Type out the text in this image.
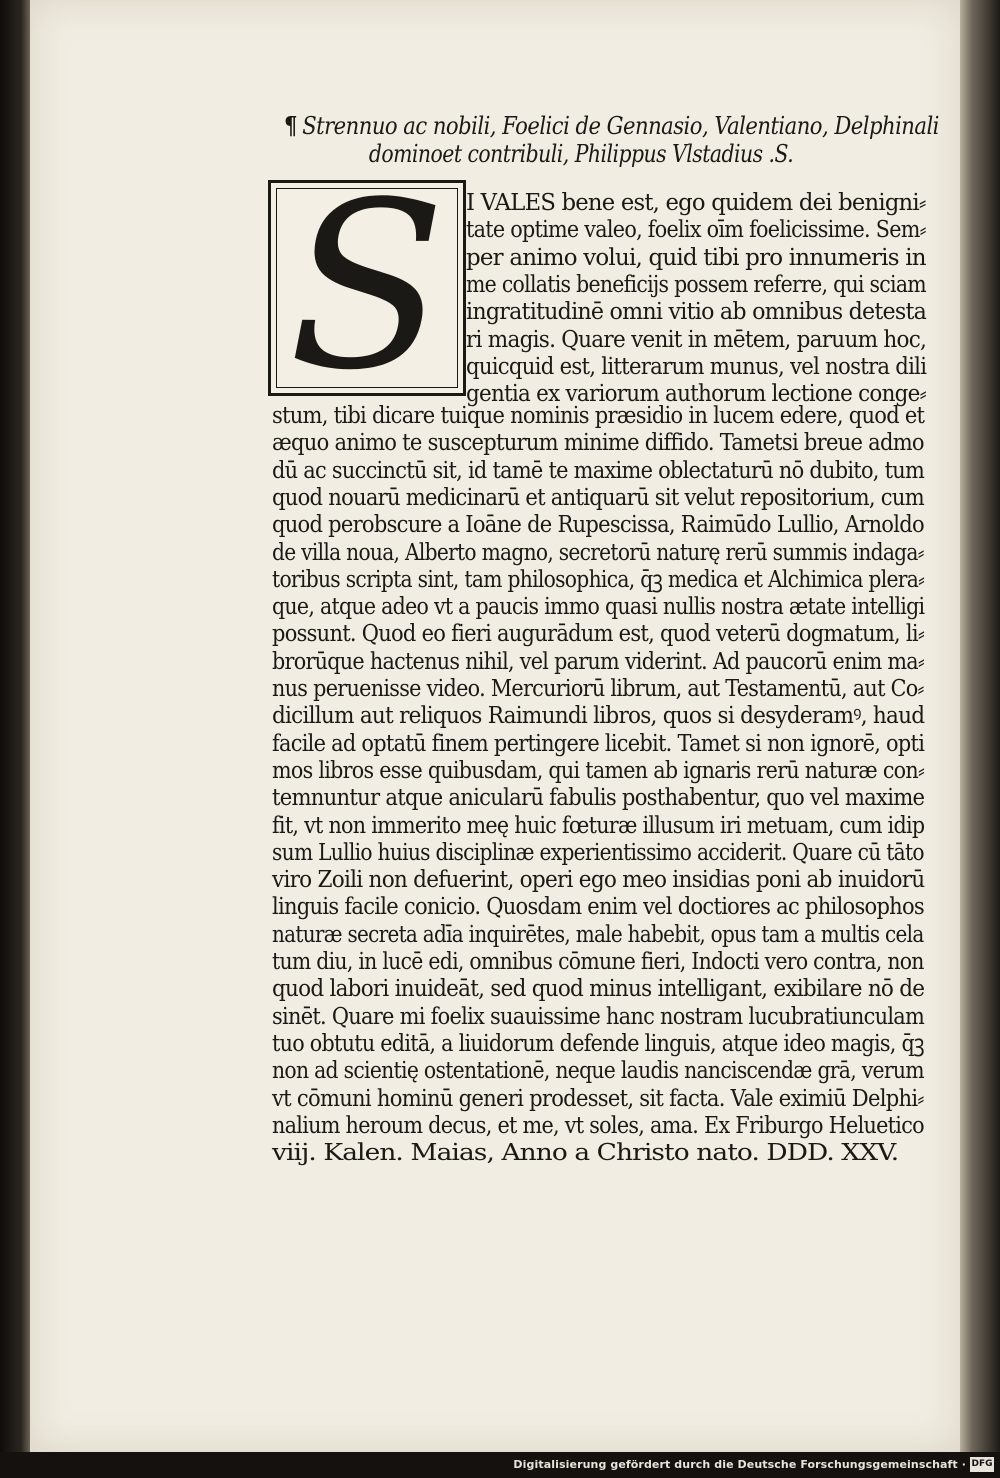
¶ Strennuo ac nobili, Foelici de Gennasio, Valentiano, Delphinali
dominoet contribuli, Philippus Vlstadius .S.
S I VALES bene est, ego quidem dei benigni⸗
tate optime valeo, foelix oīm foelicissime. Sem⸗
per animo volui, quid tibi pro innumeris in
me collatis beneficijs possem referre, qui sciam
ingratitudinē omni vitio ab omnibus detesta
ri magis. Quare venit in mētem, paruum hoc,
quicquid est, litterarum munus, vel nostra dili
gentia ex variorum authorum lectione conge⸗
stum, tibi dicare tuique nominis præsidio in lucem edere, quod et
æquo animo te suscepturum minime diffido. Tametsi breue admo
dū ac succinctū sit, id tamē te maxime oblectaturū nō dubito, tum
quod nouarū medicinarū et antiquarū sit velut repositorium, cum
quod perobscure a Ioāne de Rupescissa, Raimūdo Lullio, Arnoldo
de villa noua, Alberto magno, secretorū naturę rerū summis indaga⸗
toribus scripta sint, tam philosophica, q̄ꝫ medica et Alchimica plera⸗
que, atque adeo vt a paucis immo quasi nullis nostra ætate intelligi
possunt. Quod eo fieri augurādum est, quod veterū dogmatum, li⸗
brorūque hactenus nihil, vel parum viderint. Ad paucorū enim ma⸗
nus peruenisse video. Mercuriorū librum, aut Testamentū, aut Co⸗
dicillum aut reliquos Raimundi libros, quos si desyderamꝰ, haud
facile ad optatū finem pertingere licebit. Tamet si non ignorē, opti
mos libros esse quibusdam, qui tamen ab ignaris rerū naturæ con⸗
temnuntur atque anicularū fabulis posthabentur, quo vel maxime
fit, vt non immerito meę huic fœturæ illusum iri metuam, cum idip
sum Lullio huius disciplinæ experientissimo acciderit. Quare cū tāto
viro Zoili non defuerint, operi ego meo insidias poni ab inuidorū
linguis facile conicio. Quosdam enim vel doctiores ac philosophos
naturæ secreta adīa inquirētes, male habebit, opus tam a multis cela
tum diu, in lucē edi, omnibus cōmune fieri, Indocti vero contra, non
quod labori inuideāt, sed quod minus intelligant, exibilare nō de
sinēt. Quare mi foelix suauissime hanc nostram lucubratiunculam
tuo obtutu editā, a liuidorum defende linguis, atque ideo magis, q̄ꝫ
non ad scientię ostentationē, neque laudis nanciscendæ grā, verum
vt cōmuni hominū generi prodesset, sit facta. Vale eximiū Delphi⸗
nalium heroum decus, et me, vt soles, ama. Ex Friburgo Heluetico
viij. Kalen. Maias, Anno a Christo nato. DDD. XXV.
Digitalisierung gefördert durch die Deutsche Forschungsgemeinschaft · DFG
